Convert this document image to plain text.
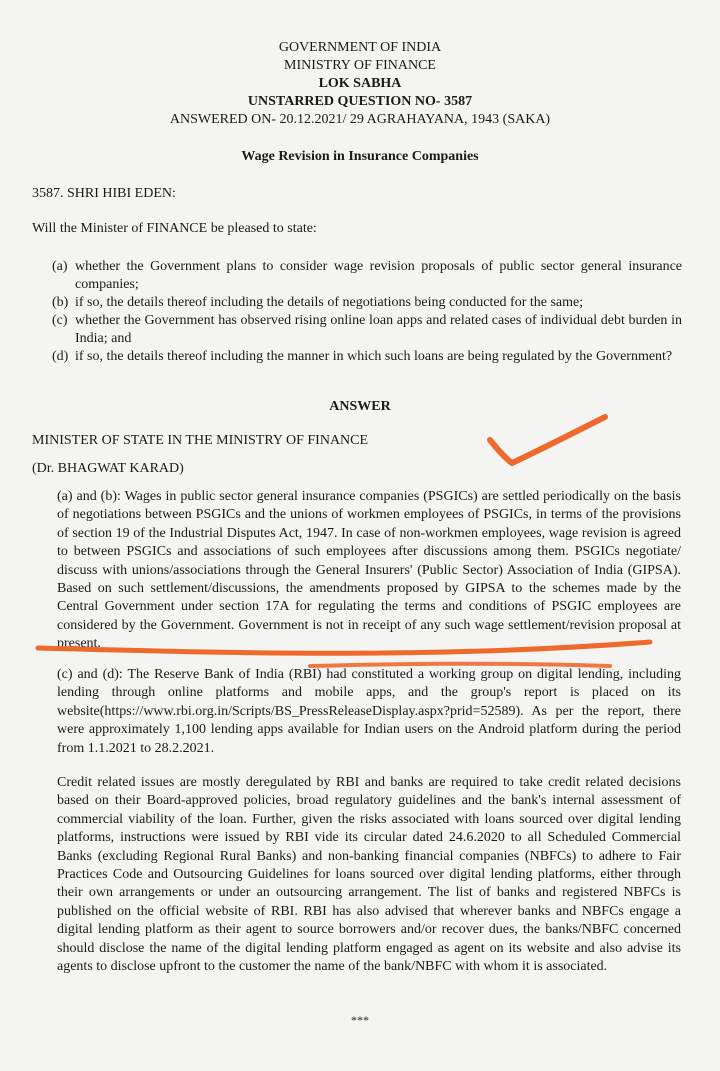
GOVERNMENT OF INDIA
MINISTRY OF FINANCE
LOK SABHA
UNSTARRED QUESTION NO- 3587
ANSWERED ON- 20.12.2021/ 29 AGRAHAYANA, 1943 (SAKA)
Wage Revision in Insurance Companies
3587. SHRI HIBI EDEN:
Will the Minister of FINANCE be pleased to state:
(a) whether the Government plans to consider wage revision proposals of public sector general insurance companies;
(b) if so, the details thereof including the details of negotiations being conducted for the same;
(c) whether the Government has observed rising online loan apps and related cases of individual debt burden in India; and
(d) if so, the details thereof including the manner in which such loans are being regulated by the Government?
ANSWER
MINISTER OF STATE IN THE MINISTRY OF FINANCE
(Dr. BHAGWAT KARAD)
(a) and (b): Wages in public sector general insurance companies (PSGICs) are settled periodically on the basis of negotiations between PSGICs and the unions of workmen employees of PSGICs, in terms of the provisions of section 19 of the Industrial Disputes Act, 1947. In case of non-workmen employees, wage revision is agreed to between PSGICs and associations of such employees after discussions among them. PSGICs negotiate/ discuss with unions/associations through the General Insurers' (Public Sector) Association of India (GIPSA). Based on such settlement/discussions, the amendments proposed by GIPSA to the schemes made by the Central Government under section 17A for regulating the terms and conditions of PSGIC employees are considered by the Government. Government is not in receipt of any such wage settlement/revision proposal at present.
(c) and (d): The Reserve Bank of India (RBI) had constituted a working group on digital lending, including lending through online platforms and mobile apps, and the group's report is placed on its website(https://www.rbi.org.in/Scripts/BS_PressReleaseDisplay.aspx?prid=52589). As per the report, there were approximately 1,100 lending apps available for Indian users on the Android platform during the period from 1.1.2021 to 28.2.2021.
Credit related issues are mostly deregulated by RBI and banks are required to take credit related decisions based on their Board-approved policies, broad regulatory guidelines and the bank's internal assessment of commercial viability of the loan. Further, given the risks associated with loans sourced over digital lending platforms, instructions were issued by RBI vide its circular dated 24.6.2020 to all Scheduled Commercial Banks (excluding Regional Rural Banks) and non-banking financial companies (NBFCs) to adhere to Fair Practices Code and Outsourcing Guidelines for loans sourced over digital lending platforms, either through their own arrangements or under an outsourcing arrangement. The list of banks and registered NBFCs is published on the official website of RBI. RBI has also advised that wherever banks and NBFCs engage a digital lending platform as their agent to source borrowers and/or recover dues, the banks/NBFC concerned should disclose the name of the digital lending platform engaged as agent on its website and also advise its agents to disclose upfront to the customer the name of the bank/NBFC with whom it is associated.
***
